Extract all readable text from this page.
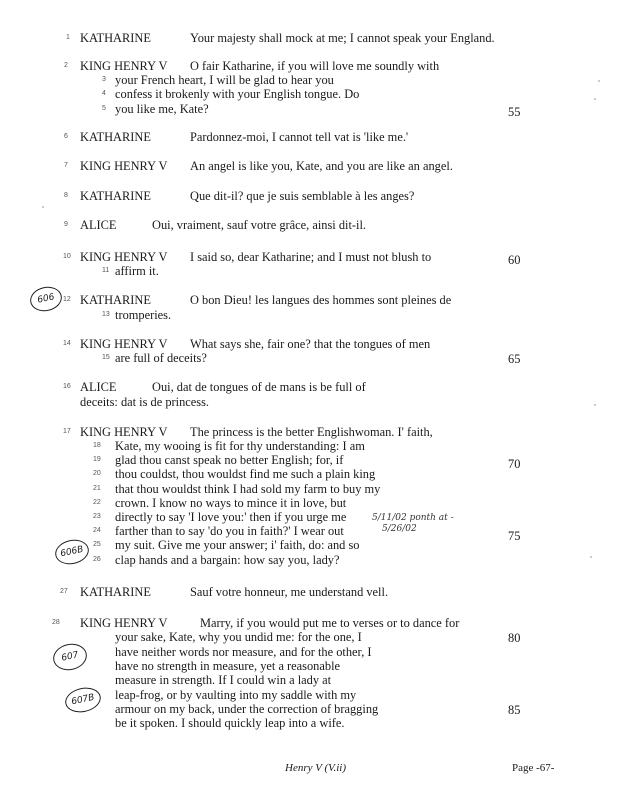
1 KATHARINE	Your majesty shall mock at me; I cannot speak your England.
2 KING HENRY V O fair Katharine, if you will love me soundly with
3 your French heart, I will be glad to hear you
4 confess it brokenly with your English tongue. Do
5 you like me, Kate?	55
6 KATHARINE	Pardonnez-moi, I cannot tell vat is 'like me.'
7 KING HENRY V An angel is like you, Kate, and you are like an angel.
8 KATHARINE	Que dit-il? que je suis semblable à les anges?
9 ALICE	Oui, vraiment, sauf votre grâce, ainsi dit-il.
10 KING HENRY V I said so, dear Katharine; and I must not blush to
11 affirm it.
60
606	12 KATHARINE	O bon Dieu! les langues des hommes sont pleines de
13 tromperies.
14 KING HENRY V What says she, fair one? that the tongues of men
15 are full of deceits?	65
16 ALICE	Oui, dat de tongues of de mans is be full of
deceits: dat is de princess.
17 KING HENRY V The princess is the better Englishwoman. I' faith,
18 Kate, my wooing is fit for thy understanding: I am
19 glad thou canst speak no better English; for, if
20 thou couldst, thou wouldst find me such a plain king
21 that thou wouldst think I had sold my farm to buy my
22 crown. I know no ways to mince it in love, but
23 directly to say 'I love you:' then if you urge me
24 farther than to say 'do you in faith?' I wear out
25 my suit. Give me your answer; i' faith, do: and so
26 clap hands and a bargain: how say you, lady?
70
75
5/11/02 ponth at -
5/26/02
606B
27 KATHARINE	Sauf votre honneur, me understand vell.
28 KING HENRY V	Marry, if you would put me to verses or to dance for
your sake, Kate, why you undid me: for the one, I
have neither words nor measure, and for the other, I
have no strength in measure, yet a reasonable
measure in strength. If I could win a lady at
leap-frog, or by vaulting into my saddle with my
armour on my back, under the correction of bragging
be it spoken. I should quickly leap into a wife.
80
85
607
607B
Henry V (V.ii)	Page -67-
